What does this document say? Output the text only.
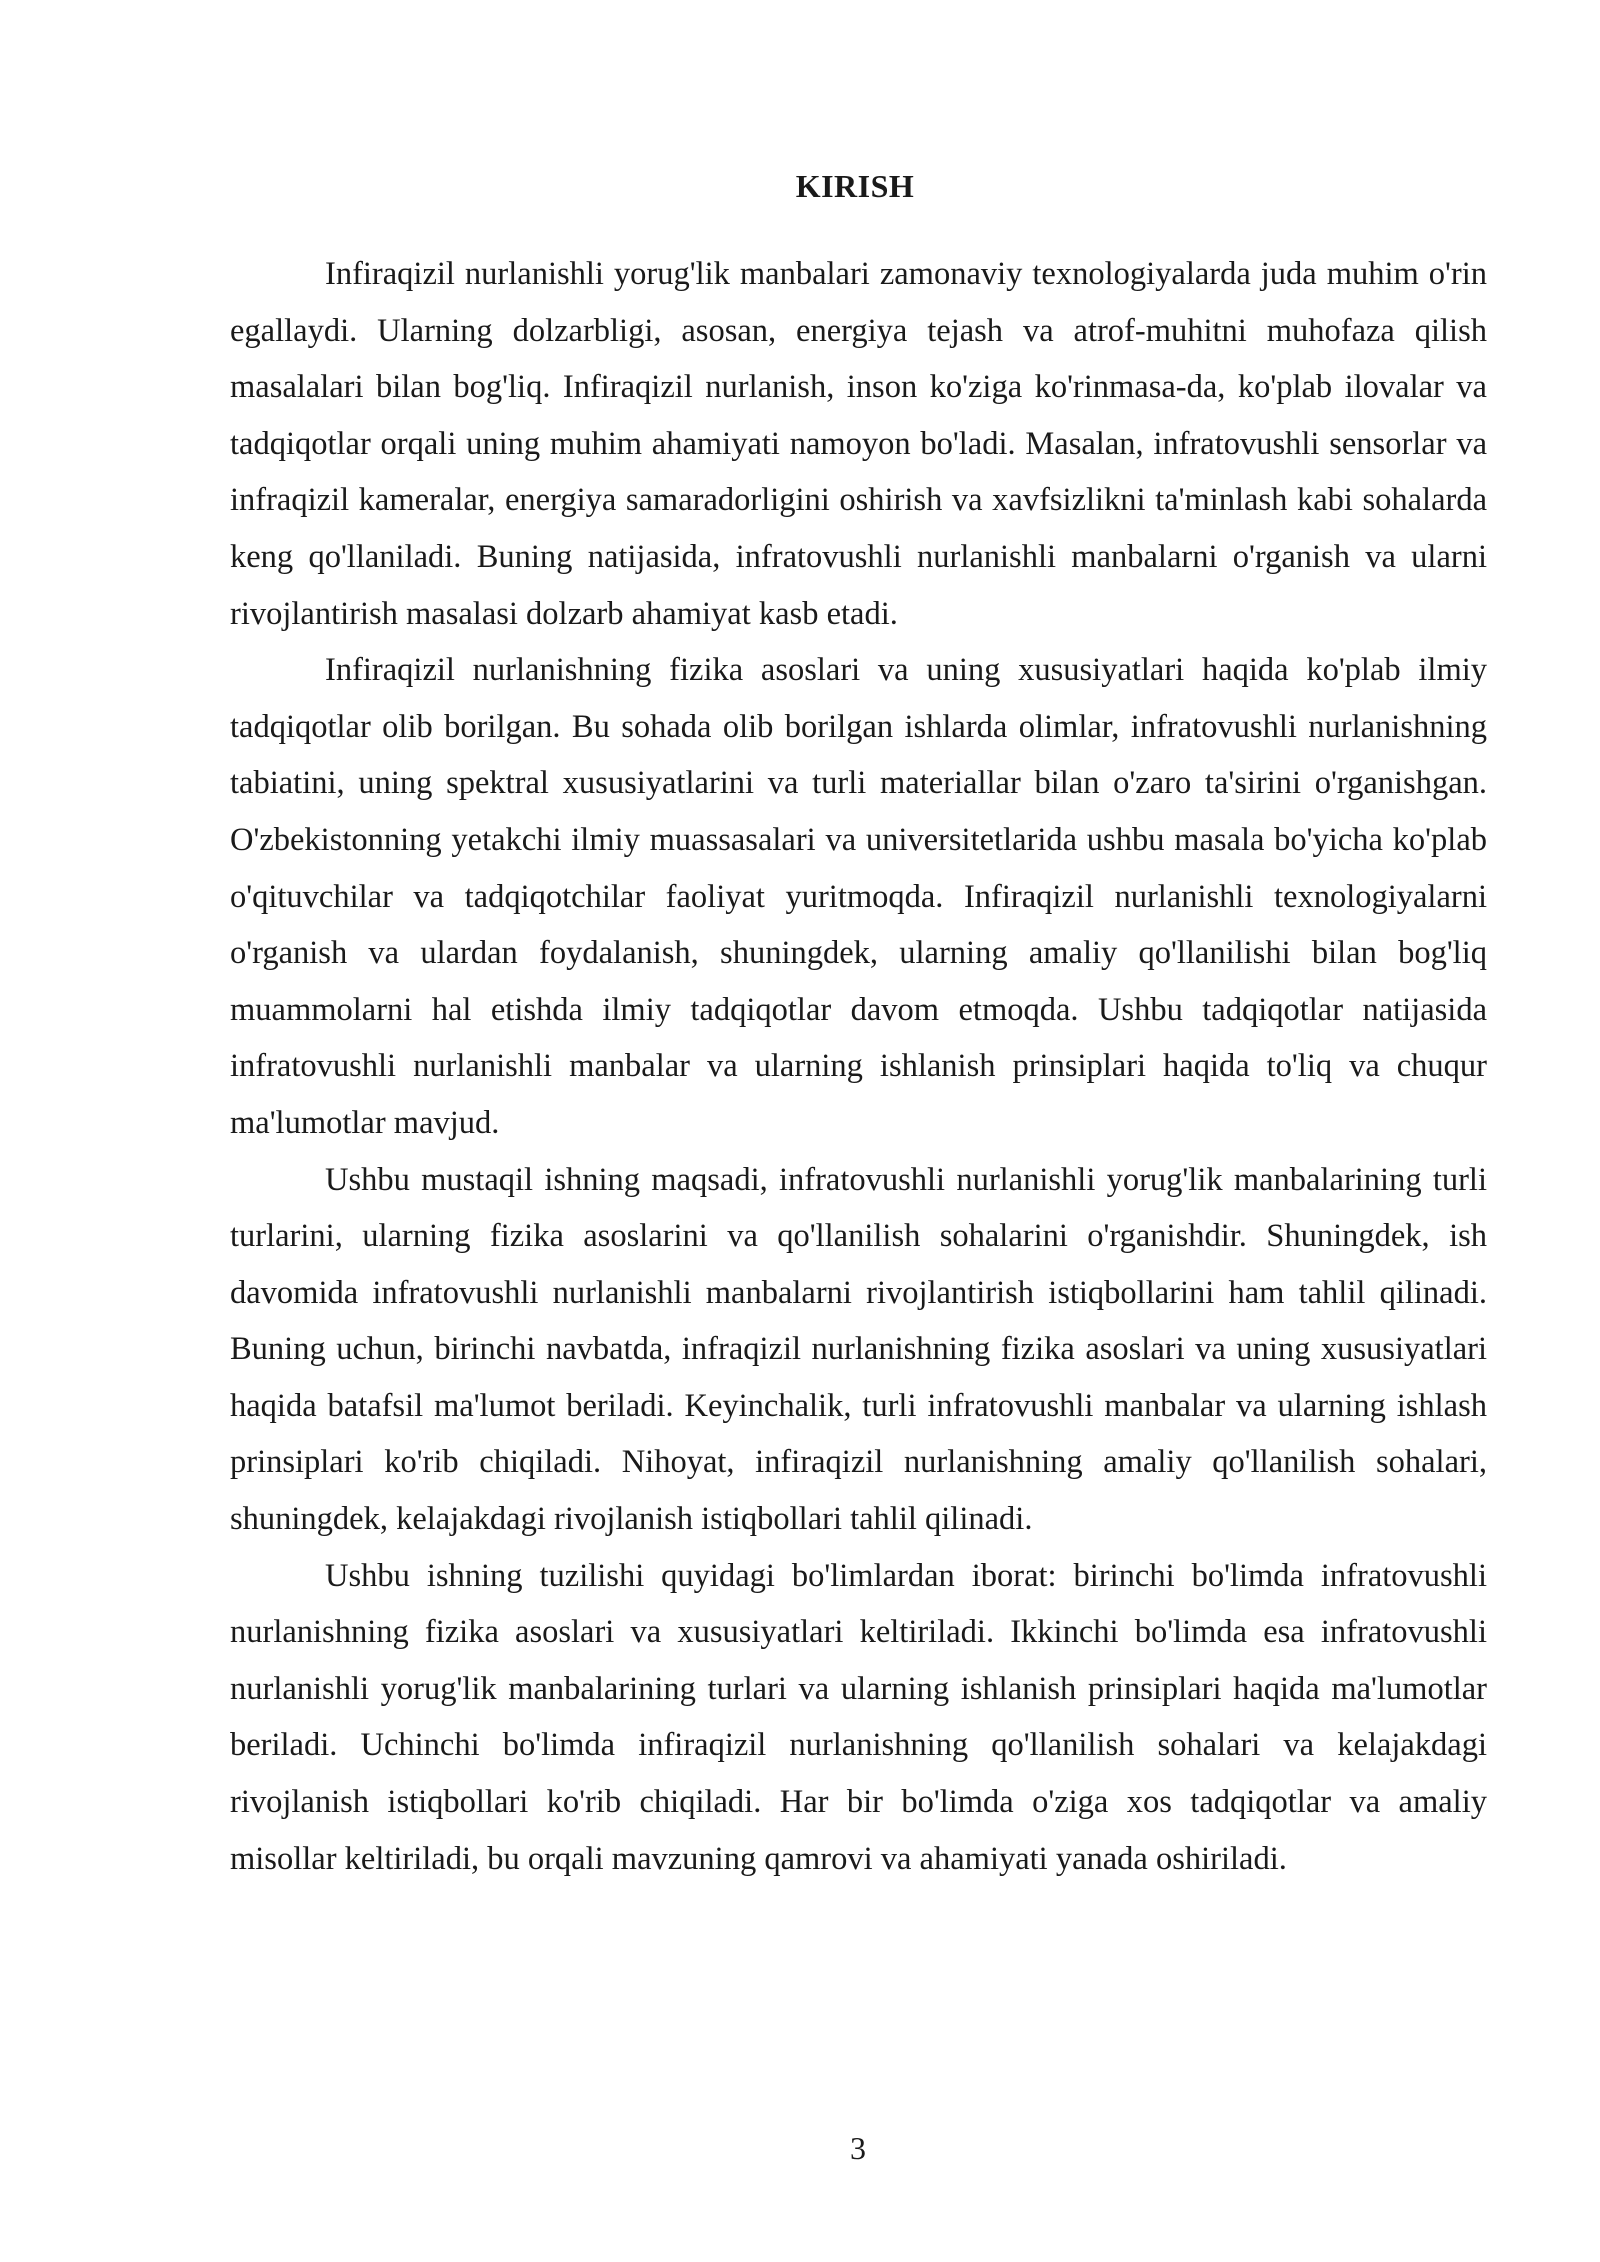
KIRISH

Infiraqizil nurlanishli yorug'lik manbalari zamonaviy texnologiyalarda juda muhim o'rin egallaydi. Ularning dolzarbligi, asosan, energiya tejash va atrof-muhitni muhofaza qilish masalalari bilan bog'liq. Infiraqizil nurlanish, inson ko'ziga ko'rinmasa-da, ko'plab ilovalar va tadqiqotlar orqali uning muhim ahamiyati namoyon bo'ladi. Masalan, infratovushli sensorlar va infraqizil kameralar, energiya samaradorligini oshirish va xavfsizlikni ta'minlash kabi sohalarda keng qo'llaniladi. Buning natijasida, infratovushli nurlanishli manbalarni o'rganish va ularni rivojlantirish masalasi dolzarb ahamiyat kasb etadi.

Infiraqizil nurlanishning fizika asoslari va uning xususiyatlari haqida ko'plab ilmiy tadqiqotlar olib borilgan. Bu sohada olib borilgan ishlarda olimlar, infratovushli nurlanishning tabiatini, uning spektral xususiyatlarini va turli materiallar bilan o'zaro ta'sirini o'rganishgan. O'zbekistonning yetakchi ilmiy muassasalari va universitetlarida ushbu masala bo'yicha ko'plab o'qituvchilar va tadqiqotchilar faoliyat yuritmoqda. Infiraqizil nurlanishli texnologiyalarni o'rganish va ulardan foydalanish, shuningdek, ularning amaliy qo'llanilishi bilan bog'liq muammolarni hal etishda ilmiy tadqiqotlar davom etmoqda. Ushbu tadqiqotlar natijasida infratovushli nurlanishli manbalar va ularning ishlanish prinsiplari haqida to'liq va chuqur ma'lumotlar mavjud.

Ushbu mustaqil ishning maqsadi, infratovushli nurlanishli yorug'lik manbalarining turli turlarini, ularning fizika asoslarini va qo'llanilish sohalarini o'rganishdir. Shuningdek, ish davomida infratovushli nurlanishli manbalarni rivojlantirish istiqbollarini ham tahlil qilinadi. Buning uchun, birinchi navbatda, infraqizil nurlanishning fizika asoslari va uning xususiyatlari haqida batafsil ma'lumot beriladi. Keyinchalik, turli infratovushli manbalar va ularning ishlash prinsiplari ko'rib chiqiladi. Nihoyat, infiraqizil nurlanishning amaliy qo'llanilish sohalari, shuningdek, kelajakdagi rivojlanish istiqbollari tahlil qilinadi.

Ushbu ishning tuzilishi quyidagi bo'limlardan iborat: birinchi bo'limda infratovushli nurlanishning fizika asoslari va xususiyatlari keltiriladi. Ikkinchi bo'limda esa infratovushli nurlanishli yorug'lik manbalarining turlari va ularning ishlanish prinsiplari haqida ma'lumotlar beriladi. Uchinchi bo'limda infiraqizil nurlanishning qo'llanilish sohalari va kelajakdagi rivojlanish istiqbollari ko'rib chiqiladi. Har bir bo'limda o'ziga xos tadqiqotlar va amaliy misollar keltiriladi, bu orqali mavzuning qamrovi va ahamiyati yanada oshiriladi.

3
